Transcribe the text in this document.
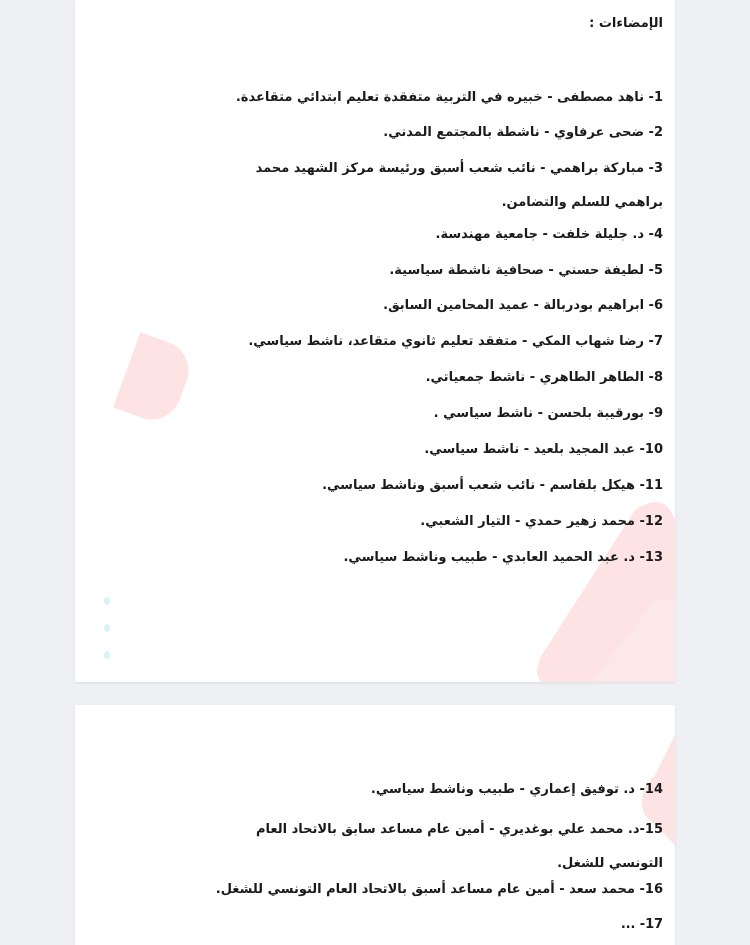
الإمضاءات :
1- ناهد مصطفى - خبيره في التربية متفقدة تعليم ابتدائي متقاعدة.
2- ضحى عرفاوي - ناشطة بالمجتمع المدني.
3- مباركة براهمي - نائب شعب أسبق ورئيسة مركز الشهيد محمد براهمي للسلم والتضامن.
4- د. جليلة خلفت - جامعية مهندسة.
5- لطيفة حسني - صحافية ناشطة سياسية.
6- ابراهيم بودربالة - عميد المحامين السابق.
7- رضا شهاب المكي - متفقد تعليم ثانوي متقاعد، ناشط سياسي.
8- الطاهر الطاهري - ناشط جمعياتي.
9- بورقيبة بلحسن - ناشط سياسي .
10- عبد المجيد بلعيد - ناشط سياسي.
11- هيكل بلقاسم - نائب شعب أسبق وناشط سياسي.
12- محمد زهير حمدي - التيار الشعبي.
13- د. عبد الحميد العابدي - طبيب وناشط سياسي.
14- د. توفيق إعماري - طبيب وناشط سياسي.
15-د. محمد علي بوغديري - أمين عام مساعد سابق بالاتحاد العام التونسي للشغل.
16- محمد سعد - أمين عام مساعد أسبق بالاتحاد العام التونسي للشغل.
17- ...
